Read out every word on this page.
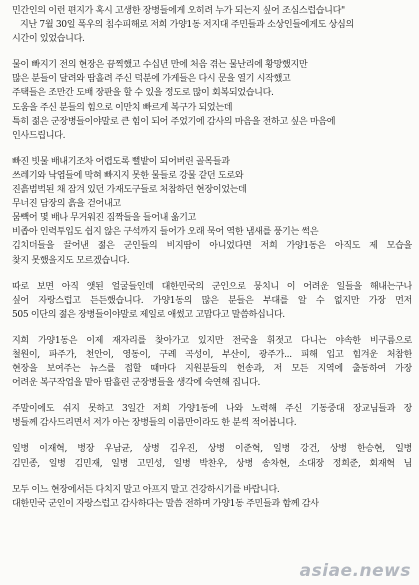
민간인의 이런 편지가 혹시 고생한 장병들에게 오히려 누가 되는지 싶어 조심스럽습니다"
지난 7월 30일 폭우의 침수피해로 저희 가양1동 저지대 주민들과 소상인들에게도 상심의
시간이 있었습니다.
물이 빠지기 전의 현장은 끔찍했고 수십년 만에 처음 겪는 물난리에 황망했지만
많은 분들이 달려와 땀흘려 주신 덕분에 가게들은 다시 문을 열기 시작했고
주택들은 조만간 도배 장판을 할 수 있을 정도로 많이 회복되었습니다.
도움을 주신 분들의 힘으로 이만치 빠르게 복구가 되었는데
특히 젊은 군장병들이야말로 큰 힘이 되어 주었기에 감사의 마음을 전하고 싶은 마음에
인사드립니다.
빠진 빗물 배내기조차 어렵도록 뻘밭이 되어버린 골목들과
쓰레기와 낙엽들에 막혀 빠지지 못한 물들로 강물 같던 도로와
진흙범벅된 채 잠겨 있던 가재도구들로 처참하던 현장이었는데
무너진 담장의 흙을 걷어내고
뭄빽어 몇 배나 무거워진 짐짝들을 들어내 옮기고
비좁아 인력투입도 쉽지 않은 구석까지 들어가 오래 묵어 역한 냄새를 풍기는 썩은
김치더들을 끌어낸 젊은 군인들의 비지땀이 아니었다면 저희 가양1동은 아직도 제 모습을
찾지 못했을지도 모르겠습니다.
따로 보면 아직 앳된 얼굴들인데 대한민국의 군인으로 뭉치니 이 어려운 일들을 해내는구나
싶어 자랑스럽고 든든했습니다. 가양1동의 많은 분들은 부대를 알 수 없지만 가장 먼저
505 이단의 젊은 장병들이야말로 제일로 애썼고 고맙다고 말씀하십니다.
지희 가양1동은 이제 재자리를 찾아가고 있지만 전국을 휘젓고 다니는 야속한 비구름으로
철원이, 파주가, 천안이, 영동이, 구례 곡성이, 부산이, 광주가... 피해 입고 힘겨운 처참한
현장을 보여주는 뉴스를 접할 때마다 지원분들의 헌송과, 저 모든 지역에 출동하여 가장
어려운 복구작업을 맡아 땀흘린 군장병들을 생각에 숙연해 집니다.
주말이에도 쉬지 못하고 3일간 저희 가양1동에 나와 노력해 주신 기동중대 장교님들과 장
병들께 감사드리면서 저가 아는 장병들의 이름만이라도 한 분씩 적어봅니다.
일병 이재혁, 병장 우남균, 상병 김우진, 상병 이준혁, 일병 강건, 상병 한승현, 일병
김민종, 일병 김민재, 일병 고민성, 일병 박찬우, 상병 송차현, 소대장 정희준, 회재혁 님
모두 이느 현장에서든 다치지 말고 아프지 말고 건강하시기를 바랍니다.
대한민국 군인이 자랑스럽고 감사하다는 말씀 전하며 가양1동 주민들과 함께 감사
asiae.news
